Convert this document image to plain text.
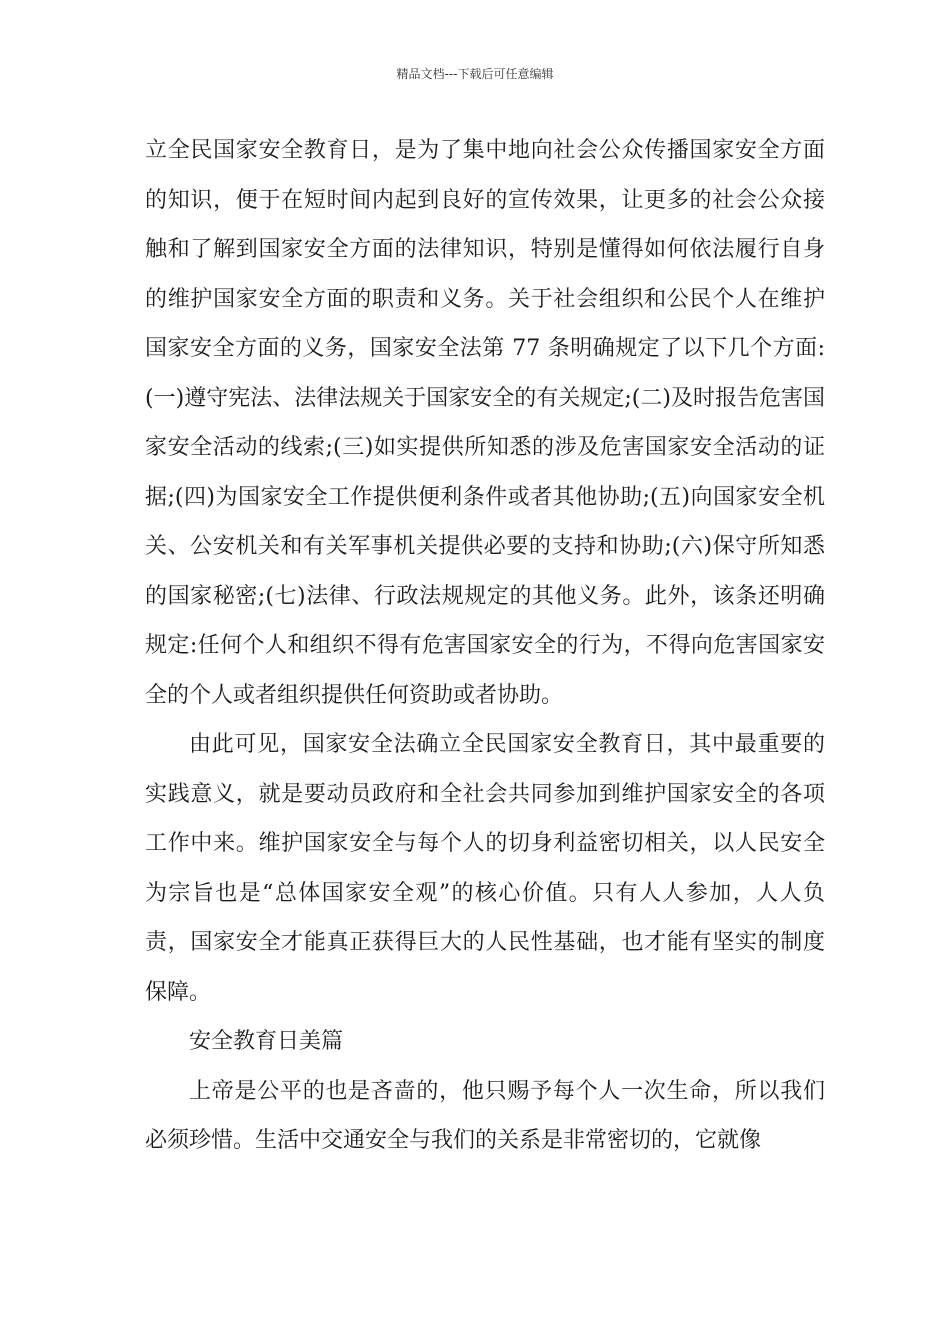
精品文档---下载后可任意编辑

立全民国家安全教育日，是为了集中地向社会公众传播国家安全方面的知识，便于在短时间内起到良好的宣传效果，让更多的社会公众接触和了解到国家安全方面的法律知识，特别是懂得如何依法履行自身的维护国家安全方面的职责和义务。关于社会组织和公民个人在维护国家安全方面的义务，国家安全法第 77 条明确规定了以下几个方面:(一)遵守宪法、法律法规关于国家安全的有关规定;(二)及时报告危害国家安全活动的线索;(三)如实提供所知悉的涉及危害国家安全活动的证据;(四)为国家安全工作提供便利条件或者其他协助;(五)向国家安全机关、公安机关和有关军事机关提供必要的支持和协助;(六)保守所知悉的国家秘密;(七)法律、行政法规规定的其他义务。此外，该条还明确规定:任何个人和组织不得有危害国家安全的行为，不得向危害国家安全的个人或者组织提供任何资助或者协助。

由此可见，国家安全法确立全民国家安全教育日，其中最重要的实践意义，就是要动员政府和全社会共同参加到维护国家安全的各项工作中来。维护国家安全与每个人的切身利益密切相关，以人民安全为宗旨也是“总体国家安全观”的核心价值。只有人人参加，人人负责，国家安全才能真正获得巨大的人民性基础，也才能有坚实的制度保障。

安全教育日美篇

上帝是公平的也是吝啬的，他只赐予每个人一次生命，所以我们必须珍惜。生活中交通安全与我们的关系是非常密切的，它就像
